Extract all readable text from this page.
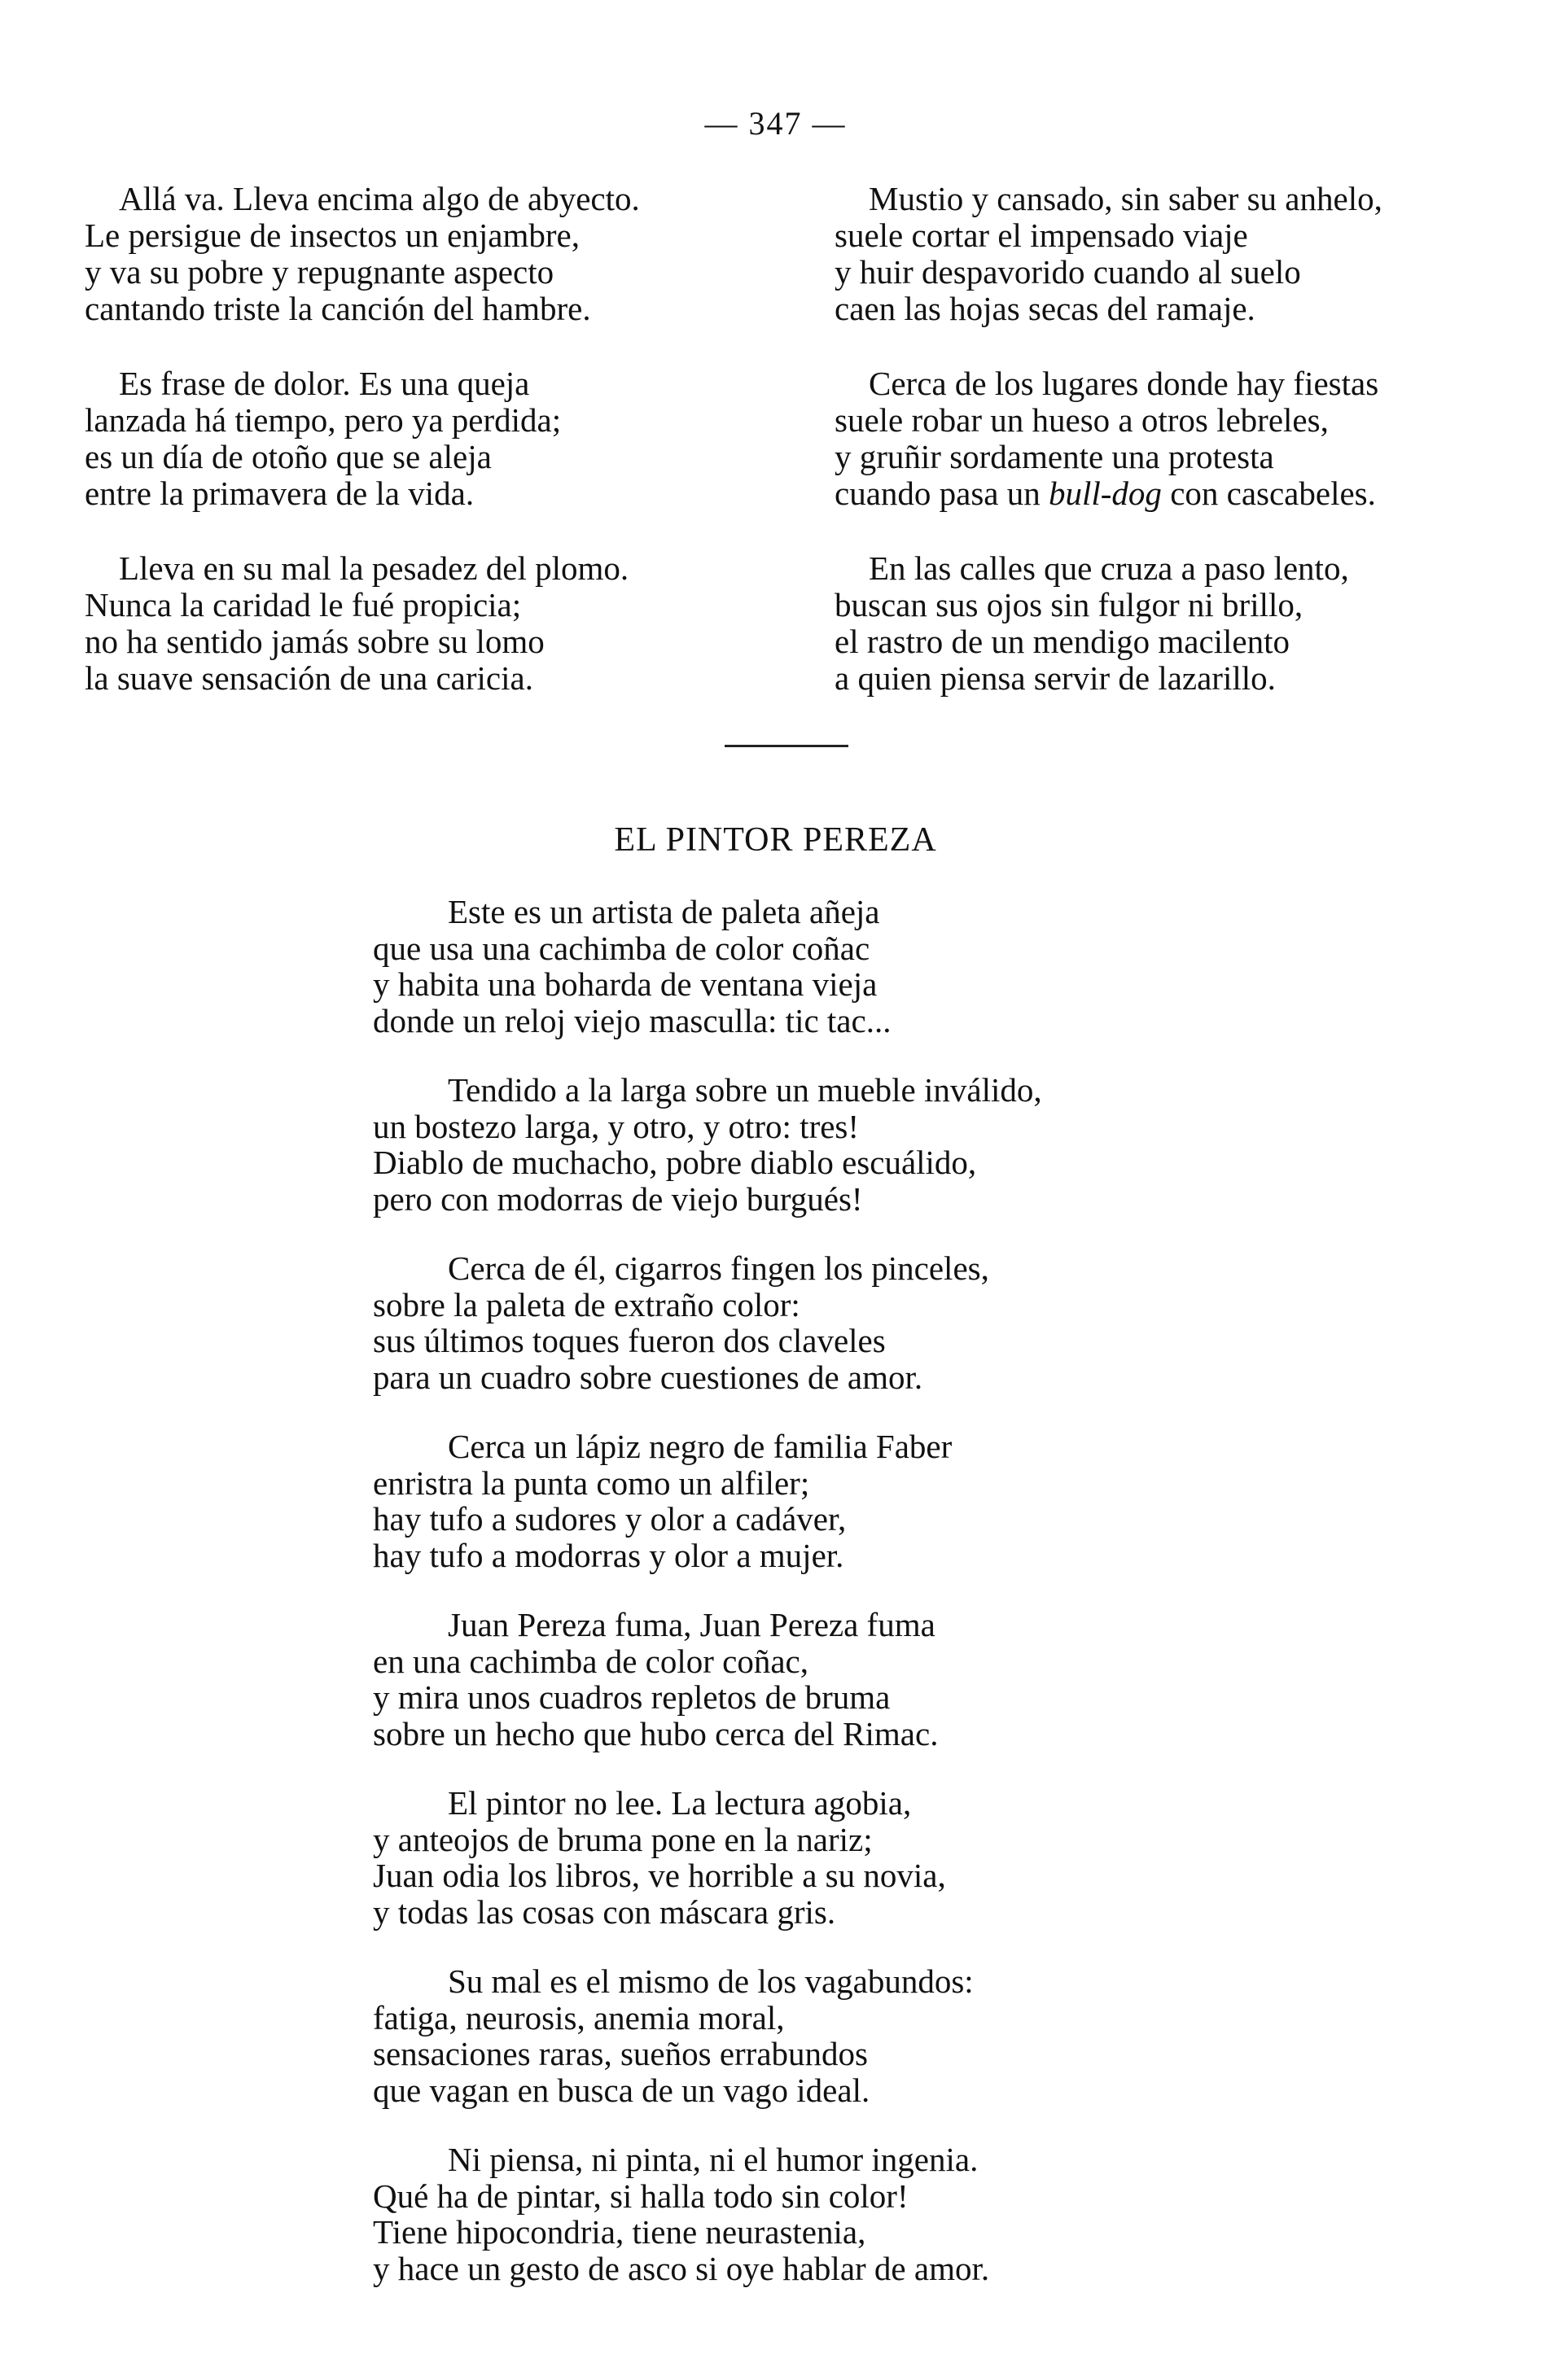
— 347 —
Allá va. Lleva encima algo de abyecto.
Le persigue de insectos un enjambre,
y va su pobre y repugnante aspecto
cantando triste la canción del hambre.
Es frase de dolor. Es una queja
lanzada há tiempo, pero ya perdida;
es un día de otoño que se aleja
entre la primavera de la vida.
Lleva en su mal la pesadez del plomo.
Nunca la caridad le fué propicia;
no ha sentido jamás sobre su lomo
la suave sensación de una caricia.
Mustio y cansado, sin saber su anhelo,
suele cortar el impensado viaje
y huir despavorido cuando al suelo
caen las hojas secas del ramaje.
Cerca de los lugares donde hay fiestas
suele robar un hueso a otros lebreles,
y gruñir sordamente una protesta
cuando pasa un bull-dog con cascabeles.
En las calles que cruza a paso lento,
buscan sus ojos sin fulgor ni brillo,
el rastro de un mendigo macilento
a quien piensa servir de lazarillo.
EL PINTOR PEREZA
Este es un artista de paleta añeja
que usa una cachimba de color coñac
y habita una boharda de ventana vieja
donde un reloj viejo mascullа: tic tac...
Tendido a la larga sobre un mueble inválido,
un bostezo larga, y otro, y otro: tres!
Diablo de muchacho, pobre diablo escuálido,
pero con modorras de viejo burgués!
Cerca de él, cigarros fingen los pinceles,
sobre la paleta de extraño color:
sus últimos toques fueron dos claveles
para un cuadro sobre cuestiones de amor.
Cerca un lápiz negro de familia Faber
enristra la punta como un alfiler;
hay tufo a sudores y olor a cadáver,
hay tufo a modorras y olor a mujer.
Juan Pereza fuma, Juan Pereza fuma
en una cachimba de color coñac,
y mira unos cuadros repletos de bruma
sobre un hecho que hubo cerca del Rimac.
El pintor no lee. La lectura agobia,
y anteojos de bruma pone en la nariz;
Juan odia los libros, ve horrible a su novia,
y todas las cosas con máscara gris.
Su mal es el mismo de los vagabundos:
fatiga, neurosis, anemia moral,
sensaciones raras, sueños errabundos
que vagan en busca de un vago ideal.
Ni piensa, ni pinta, ni el humor ingenia.
Qué ha de pintar, si halla todo sin color!
Tiene hipocondria, tiene neurastenia,
y hace un gesto de asco si oye hablar de amor.
